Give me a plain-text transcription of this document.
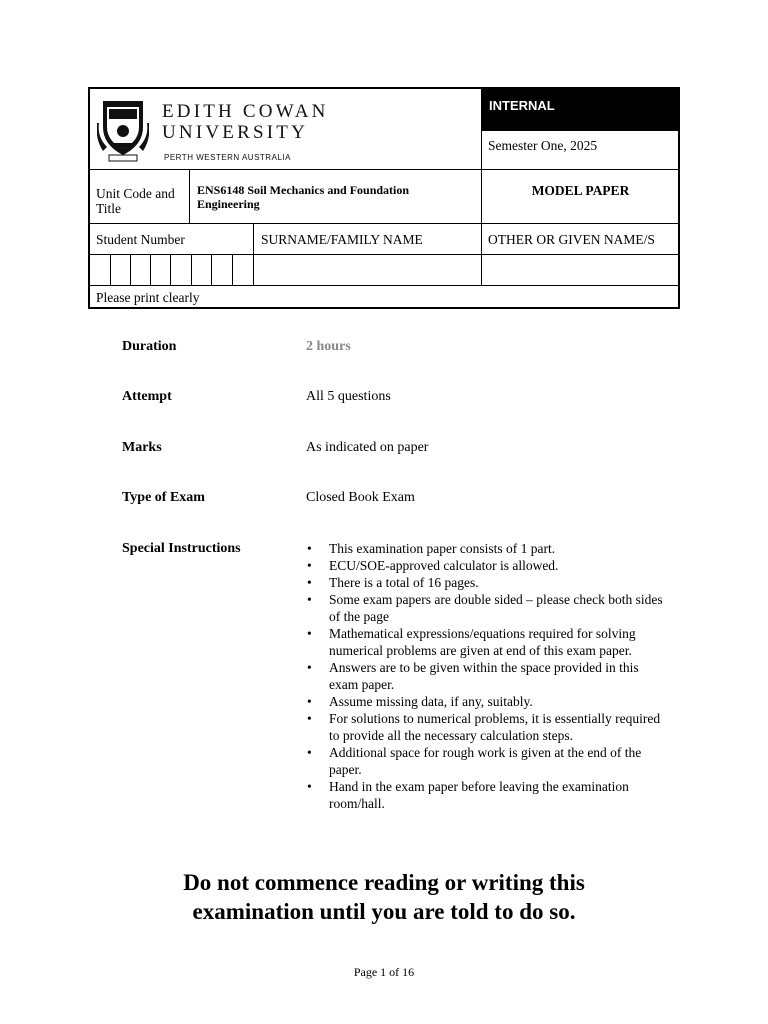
EDITH COWAN
UNIVERSITY
PERTH WESTERN AUSTRALIA
INTERNAL
Semester One, 2025
Unit Code and Title
ENS6148 Soil Mechanics and Foundation Engineering
MODEL PAPER
Student Number	SURNAME/FAMILY NAME	OTHER OR GIVEN NAME/S
Please print clearly
Duration	2 hours
Attempt	All 5 questions
Marks	As indicated on paper
Type of Exam	Closed Book Exam
Special Instructions
•	This examination paper consists of 1 part.
• ECU/SOE-approved calculator is allowed.
• There is a total of 16 pages.
• Some exam papers are double sided – please check both sides of the page
• Mathematical expressions/equations required for solving numerical problems are given at end of this exam paper.
• Answers are to be given within the space provided in this exam paper.
• Assume missing data, if any, suitably.
• For solutions to numerical problems, it is essentially required to provide all the necessary calculation steps.
• Additional space for rough work is given at the end of the paper.
• Hand in the exam paper before leaving the examination room/hall.
Do not commence reading or writing this
examination until you are told to do so.
Page 1 of 16
